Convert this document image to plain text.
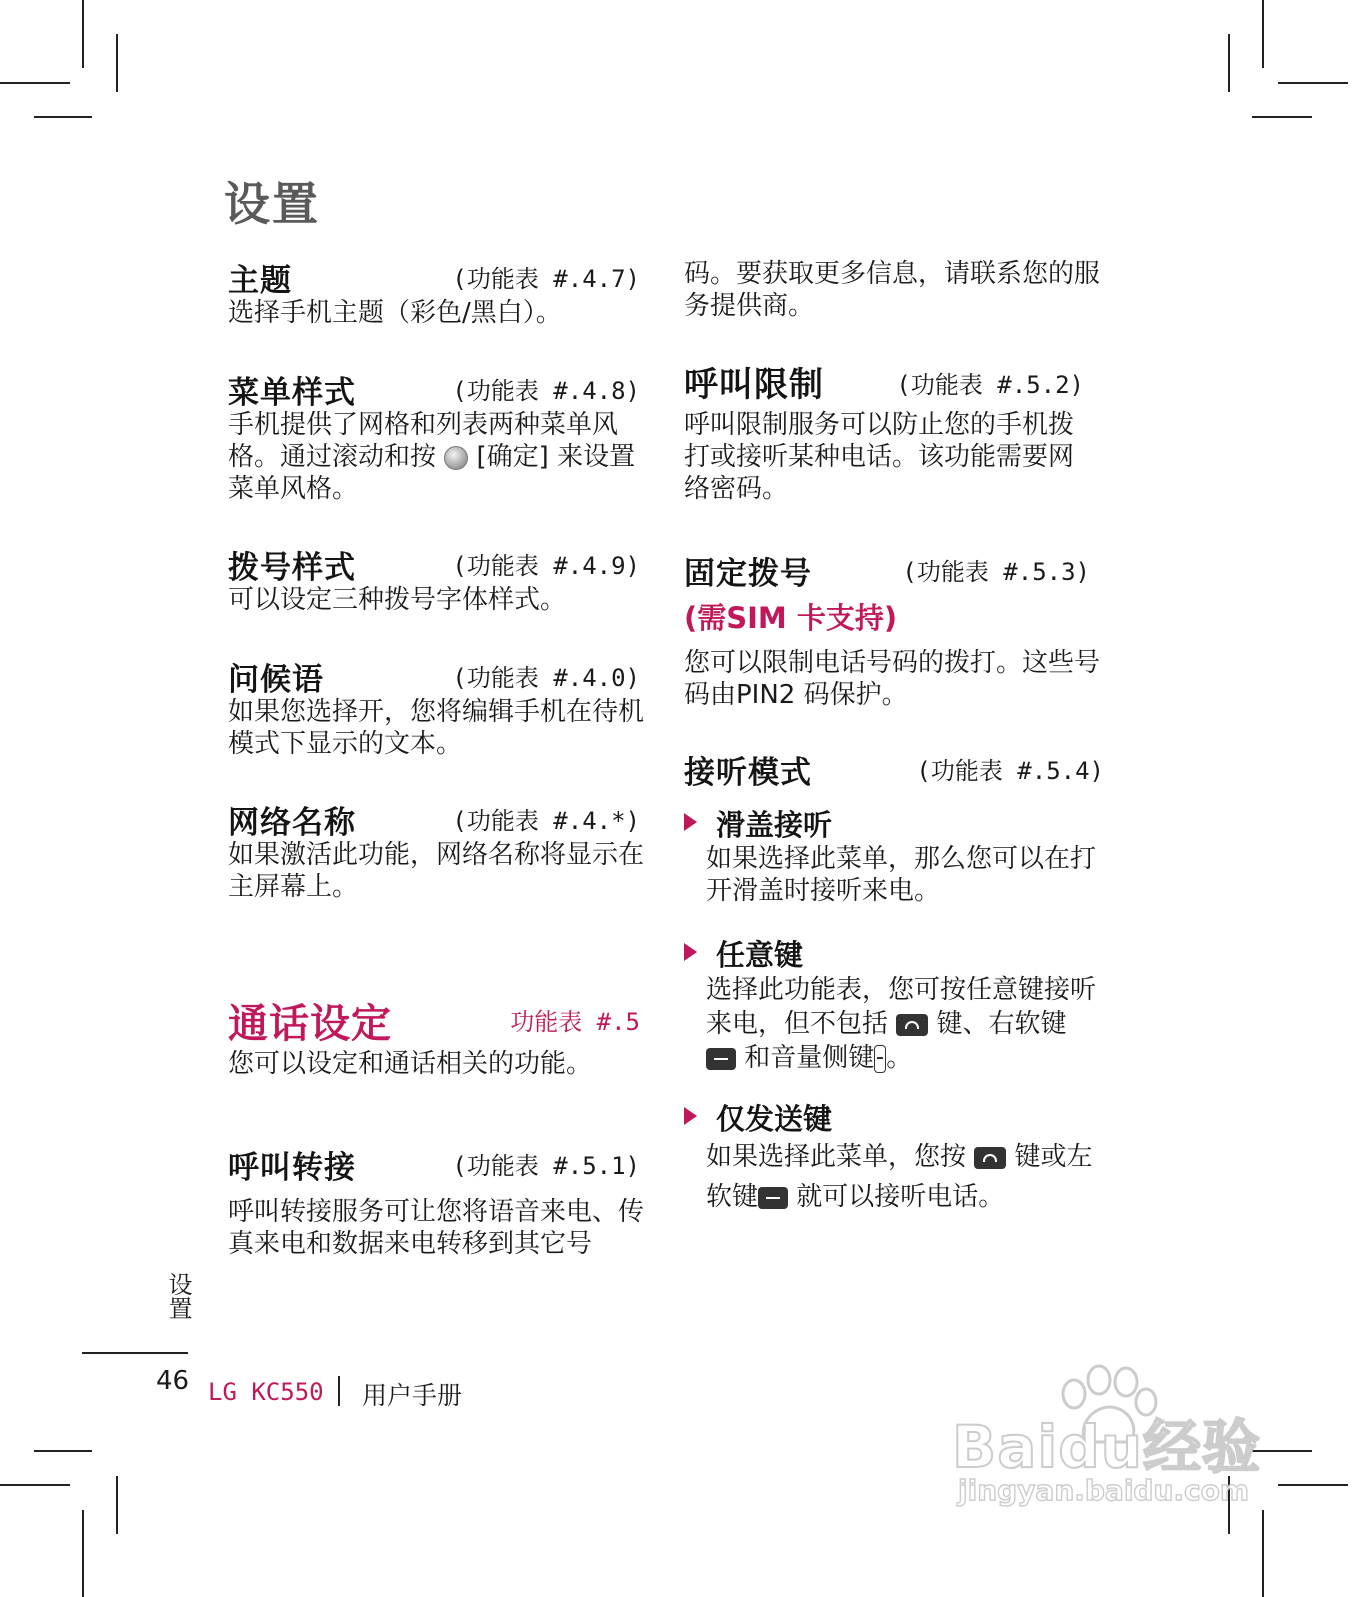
设置
主题	(功能表 #.4.7)
选择手机主题（彩色/黑白）。
菜单样式	(功能表 #.4.8)
手机提供了网格和列表两种菜单风格。通过滚动和按  [确定] 来设置菜单风格。
拨号样式	(功能表 #.4.9)
可以设定三种拨号字体样式。
问候语	(功能表 #.4.0)
如果您选择开，您将编辑手机在待机模式下显示的文本。
网络名称	(功能表 #.4.*)
如果激活此功能，网络名称将显示在主屏幕上。
通话设定	功能表 #.5
您可以设定和通话相关的功能。
呼叫转接	(功能表 #.5.1)
呼叫转接服务可让您将语音来电、传真来电和数据来电转移到其它号
码。要获取更多信息，请联系您的服务提供商。
呼叫限制	(功能表 #.5.2)
呼叫限制服务可以防止您的手机拨打或接听某种电话。该功能需要网络密码。
固定拨号	(功能表 #.5.3)
(需SIM 卡支持)
您可以限制电话号码的拨打。这些号码由PIN2 码保护。
接听模式	(功能表 #.5.4)
滑盖接听
如果选择此菜单，那么您可以在打开滑盖时接听来电。
任意键
选择此功能表，您可按任意键接听来电，但不包括  键、右软键
和音量侧键 。
仅发送键
如果选择此菜单，您按  键或左软键 就可以接听电话。
设置
46 LG KC550 用户手册
Baidu经验
jingyan.baidu.com
